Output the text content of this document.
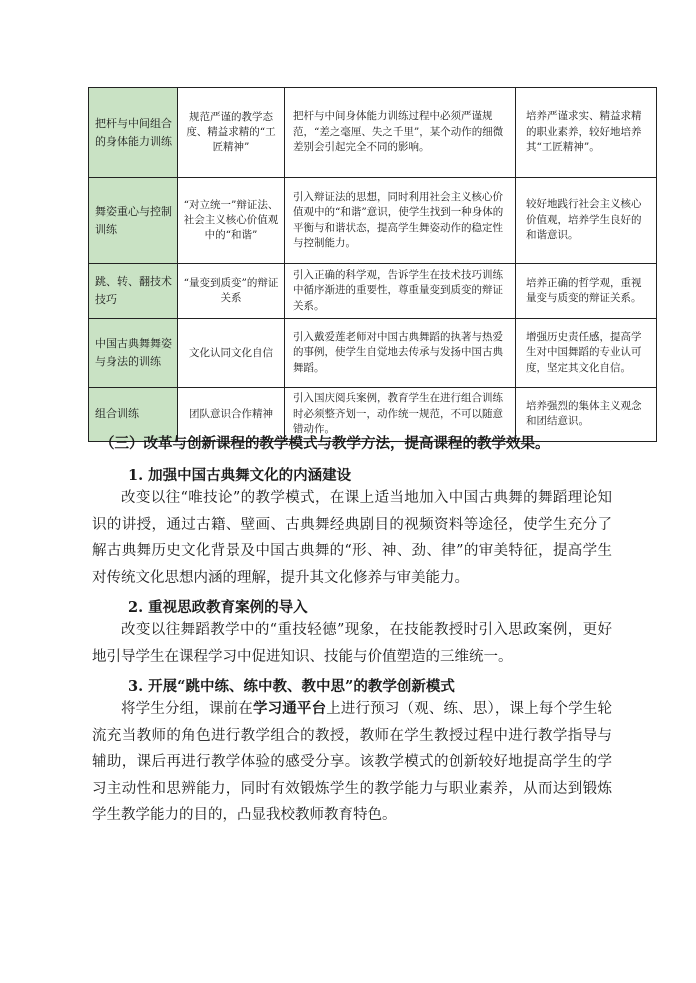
把杆与中间组合的身体能力训练	规范严谨的教学态度、精益求精的“工匠精神”	把杆与中间身体能力训练过程中必须严谨规范，“差之毫厘、失之千里”，某个动作的细微差别会引起完全不同的影响。	培养严谨求实、精益求精的职业素养，较好地培养其“工匠精神”。
舞姿重心与控制训练	“对立统一”辩证法、社会主义核心价值观中的“和谐”	引入辩证法的思想，同时利用社会主义核心价值观中的“和谐”意识，使学生找到一种身体的平衡与和谐状态，提高学生舞姿动作的稳定性与控制能力。	较好地践行社会主义核心价值观，培养学生良好的和谐意识。
跳、转、翻技术技巧	“量变到质变”的辩证关系	引入正确的科学观，告诉学生在技术技巧训练中循序渐进的重要性，尊重量变到质变的辩证关系。	培养正确的哲学观，重视量变与质变的辩证关系。
中国古典舞舞姿与身法的训练	文化认同文化自信	引入戴爱莲老师对中国古典舞蹈的执著与热爱的事例，使学生自觉地去传承与发扬中国古典舞蹈。	增强历史责任感，提高学生对中国舞蹈的专业认可度，坚定其文化自信。
组合训练	团队意识合作精神	引入国庆阅兵案例，教育学生在进行组合训练时必须整齐划一，动作统一规范，不可以随意错动作。	培养强烈的集体主义观念和团结意识。
（三）改革与创新课程的教学模式与教学方法，提高课程的教学效果。
1. 加强中国古典舞文化的内涵建设

改变以往“唯技论”的教学模式，在课上适当地加入中国古典舞的舞蹈理论知识的讲授，通过古籍、壁画、古典舞经典剧目的视频资料等途径，使学生充分了解古典舞历史文化背景及中国古典舞的“形、神、劲、律”的审美特征，提高学生对传统文化思想内涵的理解，提升其文化修养与审美能力。

2. 重视思政教育案例的导入

改变以往舞蹈教学中的“重技轻德”现象，在技能教授时引入思政案例，更好地引导学生在课程学习中促进知识、技能与价值塑造的三维统一。

3. 开展“跳中练、练中教、教中思”的教学创新模式

将学生分组，课前在学习通平台上进行预习（观、练、思），课上每个学生轮流充当教师的角色进行教学组合的教授，教师在学生教授过程中进行教学指导与辅助，课后再进行教学体验的感受分享。该教学模式的创新较好地提高学生的学习主动性和思辨能力，同时有效锻炼学生的教学能力与职业素养，从而达到锻炼学生教学能力的目的，凸显我校教师教育特色。
